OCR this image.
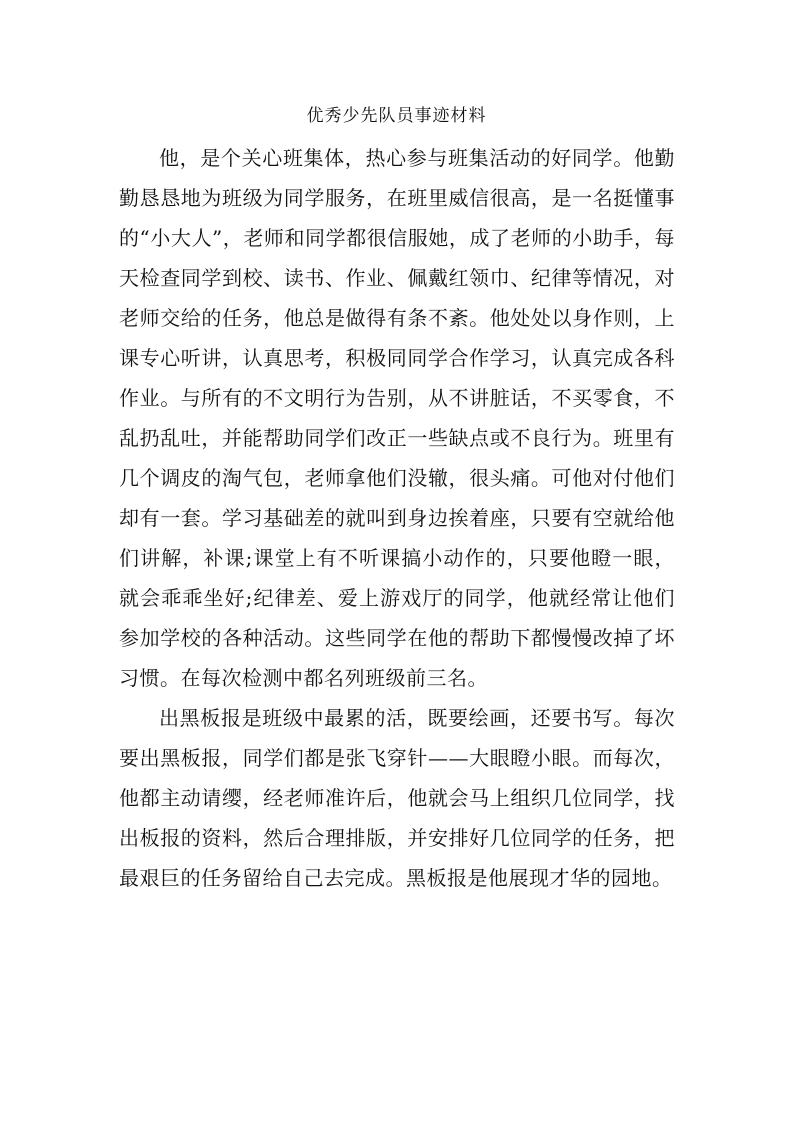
优秀少先队员事迹材料

他，是个关心班集体，热心参与班集活动的好同学。他勤勤恳恳地为班级为同学服务，在班里威信很高，是一名挺懂事的“小大人”，老师和同学都很信服她，成了老师的小助手，每天检查同学到校、读书、作业、佩戴红领巾、纪律等情况，对老师交给的任务，他总是做得有条不紊。他处处以身作则，上课专心听讲，认真思考，积极同同学合作学习，认真完成各科作业。与所有的不文明行为告别，从不讲脏话，不买零食，不乱扔乱吐，并能帮助同学们改正一些缺点或不良行为。班里有几个调皮的淘气包，老师拿他们没辙，很头痛。可他对付他们却有一套。学习基础差的就叫到身边挨着座，只要有空就给他们讲解，补课;课堂上有不听课搞小动作的，只要他瞪一眼，就会乖乖坐好;纪律差、爱上游戏厅的同学，他就经常让他们参加学校的各种活动。这些同学在他的帮助下都慢慢改掉了坏习惯。在每次检测中都名列班级前三名。

出黑板报是班级中最累的活，既要绘画，还要书写。每次要出黑板报，同学们都是张飞穿针——大眼瞪小眼。而每次，他都主动请缨，经老师准许后，他就会马上组织几位同学，找出板报的资料，然后合理排版，并安排好几位同学的任务，把最艰巨的任务留给自己去完成。黑板报是他展现才华的园地。
